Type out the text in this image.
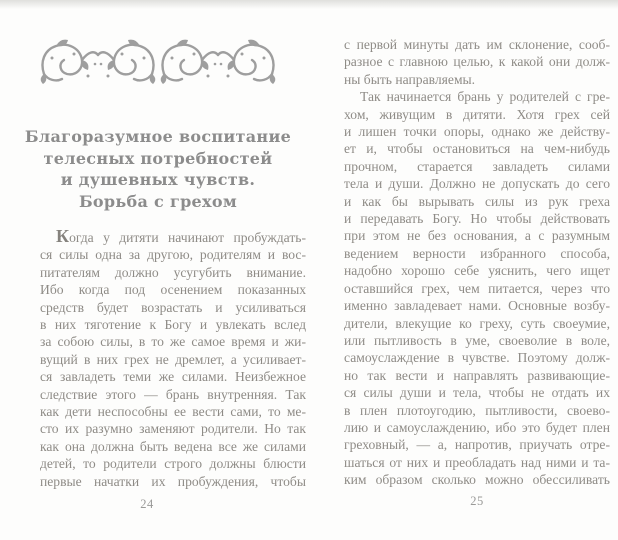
Благоразумное воспитание
телесных потребностей
и душевных чувств.
Борьба с грехом
Когда у дитяти начинают пробуждать-
ся силы одна за другою, родителям и вос-
питателям должно усугубить внимание.
Ибо когда под осенением показанных
средств будет возрастать и усиливаться
в них тяготение к Богу и увлекать вслед
за собою силы, в то же самое время и жи-
вущий в них грех не дремлет, а усиливает-
ся завладеть теми же силами. Неизбежное
следствие этого — брань внутренняя. Так
как дети неспособны ее вести сами, то ме-
сто их разумно заменяют родители. Но так
как она должна быть ведена все же силами
детей, то родители строго должны блюсти
первые начатки их пробуждения, чтобы
24
с первой минуты дать им склонение, сооб-
разное с главною целью, к какой они долж-
ны быть направляемы.
Так начинается брань у родителей с гре-
хом, живущим в дитяти. Хотя грех сей
и лишен точки опоры, однако же действу-
ет и, чтобы остановиться на чем-нибудь
прочном, старается завладеть силами
тела и души. Должно не допускать до сего
и как бы вырывать силы из рук греха
и передавать Богу. Но чтобы действовать
при этом не без основания, а с разумным
ведением верности избранного способа,
надобно хорошо себе уяснить, чего ищет
оставшийся грех, чем питается, через что
именно завладевает нами. Основные возбу-
дители, влекущие ко греху, суть своеумие,
или пытливость в уме, своеволие в воле,
самоуслаждение в чувстве. Поэтому долж-
но так вести и направлять развивающие-
ся силы души и тела, чтобы не отдать их
в плен плотоугодию, пытливости, своево-
лию и самоуслаждению, ибо это будет плен
греховный, — а, напротив, приучать отре-
шаться от них и преобладать над ними и та-
ким образом сколько можно обессиливать
25
